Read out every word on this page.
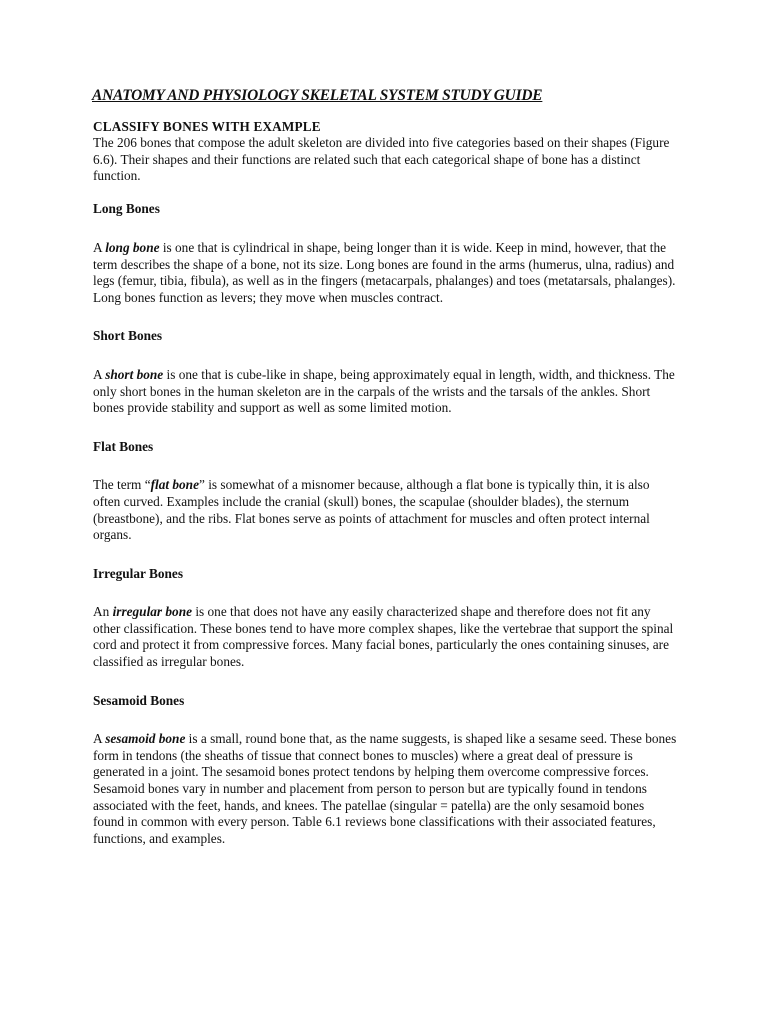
ANATOMY AND PHYSIOLOGY SKELETAL SYSTEM STUDY GUIDE
CLASSIFY BONES WITH EXAMPLE

The 206 bones that compose the adult skeleton are divided into five categories based on their shapes (Figure 6.6). Their shapes and their functions are related such that each categorical shape of bone has a distinct function.

Long Bones

A long bone is one that is cylindrical in shape, being longer than it is wide. Keep in mind, however, that the term describes the shape of a bone, not its size. Long bones are found in the arms (humerus, ulna, radius) and legs (femur, tibia, fibula), as well as in the fingers (metacarpals, phalanges) and toes (metatarsals, phalanges). Long bones function as levers; they move when muscles contract.

Short Bones

A short bone is one that is cube-like in shape, being approximately equal in length, width, and thickness. The only short bones in the human skeleton are in the carpals of the wrists and the tarsals of the ankles. Short bones provide stability and support as well as some limited motion.

Flat Bones

The term “flat bone” is somewhat of a misnomer because, although a flat bone is typically thin, it is also often curved. Examples include the cranial (skull) bones, the scapulae (shoulder blades), the sternum (breastbone), and the ribs. Flat bones serve as points of attachment for muscles and often protect internal organs.

Irregular Bones

An irregular bone is one that does not have any easily characterized shape and therefore does not fit any other classification. These bones tend to have more complex shapes, like the vertebrae that support the spinal cord and protect it from compressive forces. Many facial bones, particularly the ones containing sinuses, are classified as irregular bones.

Sesamoid Bones

A sesamoid bone is a small, round bone that, as the name suggests, is shaped like a sesame seed. These bones form in tendons (the sheaths of tissue that connect bones to muscles) where a great deal of pressure is generated in a joint. The sesamoid bones protect tendons by helping them overcome compressive forces. Sesamoid bones vary in number and placement from person to person but are typically found in tendons associated with the feet, hands, and knees. The patellae (singular = patella) are the only sesamoid bones found in common with every person. Table 6.1 reviews bone classifications with their associated features, functions, and examples.
